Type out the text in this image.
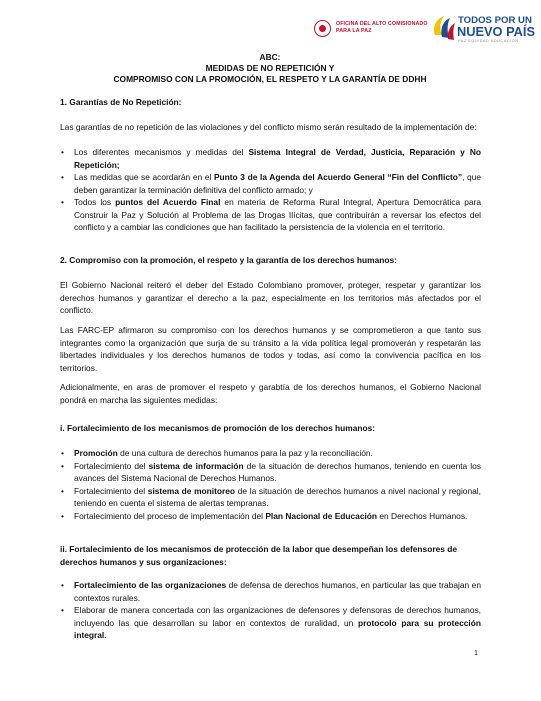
OFICINA DEL ALTO COMISIONADO
PARA LA PAZ
TODOS POR UN
NUEVO PAÍS
PAZ EQUIDAD EDUCACIÓN
ABC:
MEDIDAS DE NO REPETICIÓN Y
COMPROMISO CON LA PROMOCIÓN, EL RESPETO Y LA GARANTÍA DE DDHH
1. Garantías de No Repetición:
Las garantías de no repetición de las violaciones y del conflicto mismo serán resultado de la implementación de:
• Los diferentes mecanismos y medidas del Sistema Integral de Verdad, Justicia, Reparación y No Repetición;
• Las medidas que se acordarán en el Punto 3 de la Agenda del Acuerdo General “Fin del Conflicto”, que deben garantizar la terminación definitiva del conflicto armado; y
• Todos los puntos del Acuerdo Final en materia de Reforma Rural Integral, Apertura Democrática para Construir la Paz y Solución al Problema de las Drogas Ilícitas, que contribuirán a reversar los efectos del conflicto y a cambiar las condiciones que han facilitado la persistencia de la violencia en el territorio.
2. Compromiso con la promoción, el respeto y la garantía de los derechos humanos:
El Gobierno Nacional reiteró el deber del Estado Colombiano promover, proteger, respetar y garantizar los derechos humanos y garantizar el derecho a la paz, especialmente en los territorios más afectados por el conflicto.
Las FARC-EP afirmaron su compromiso con los derechos humanos y se comprometieron a que tanto sus integrantes como la organización que surja de su tránsito a la vida política legal promoverán y respetarán las libertades individuales y los derechos humanos de todos y todas, así como la convivencia pacífica en los territorios.
Adicionalmente, en aras de promover el respeto y garabtía de los derechos humanos, el Gobierno Nacional pondrá en marcha las siguientes medidas:
i. Fortalecimiento de los mecanismos de promoción de los derechos humanos:
• Promoción de una cultura de derechos humanos para la paz y la reconciliación.
• Fortalecimiento del sistema de información de la situación de derechos humanos, teniendo en cuenta los avances del Sistema Nacional de Derechos Humanos.
• Fortalecimiento del sistema de monitoreo de la situación de derechos humanos a nivel nacional y regional, teniendo en cuenta el sistema de alertas tempranas.
• Fortalecimiento del proceso de implementación del Plan Nacional de Educación en Derechos Humanos.
ii. Fortalecimiento de los mecanismos de protección de la labor que desempeñan los defensores de derechos humanos y sus organizaciones:
• Fortalecimiento de las organizaciones de defensa de derechos humanos, en particular las que trabajan en contextos rurales.
• Elaborar de manera concertada con las organizaciones de defensores y defensoras de derechos humanos, incluyendo las que desarrollan su labor en contextos de ruralidad, un protocolo para su protección integral.
1
